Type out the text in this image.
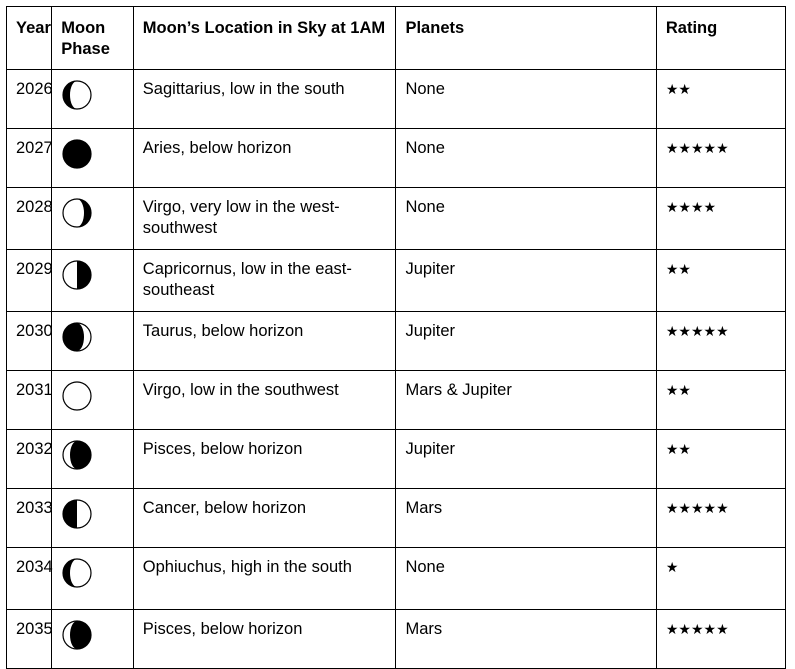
Year	Moon Phase	Moon’s Location in Sky at 1AM	Planets	Rating
2026		Sagittarius, low in the south	None	★★
2027		Aries, below horizon	None	★★★★★
2028		Virgo, very low in the west-southwest	None	★★★★
2029		Capricornus, low in the east-southeast	Jupiter	★★
2030		Taurus, below horizon	Jupiter	★★★★★
2031		Virgo, low in the southwest	Mars & Jupiter	★★
2032		Pisces, below horizon	Jupiter	★★
2033		Cancer, below horizon	Mars	★★★★★
2034		Ophiuchus, high in the south	None	★
2035		Pisces, below horizon	Mars	★★★★★
